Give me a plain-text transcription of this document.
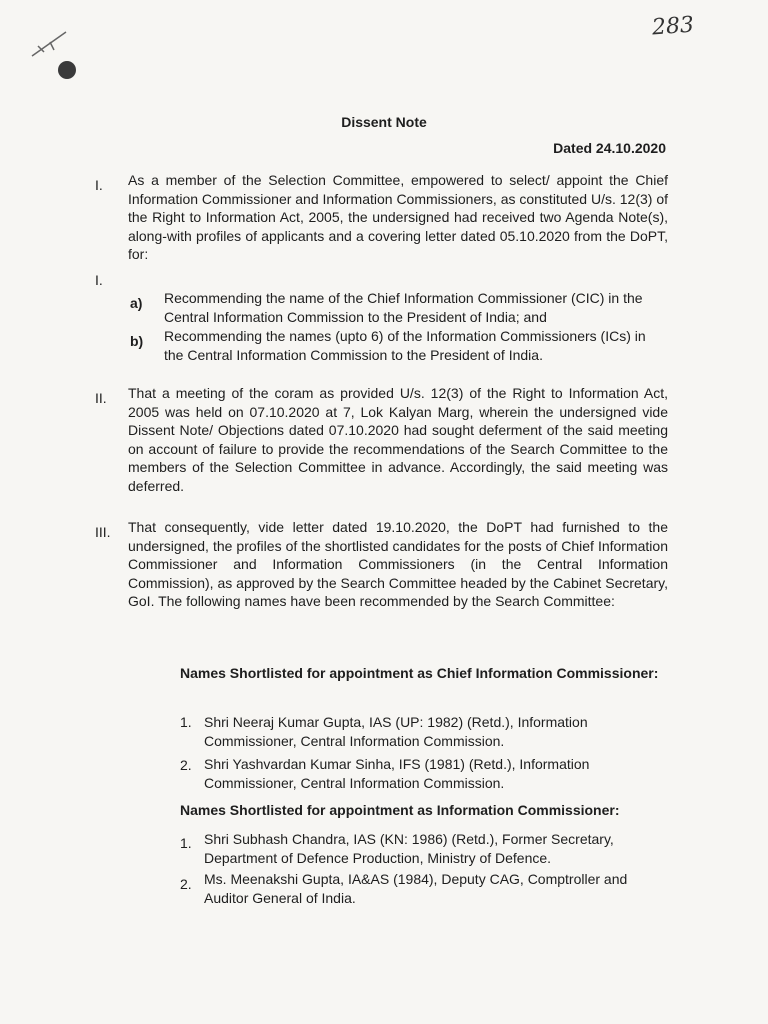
283
Dissent Note
Dated 24.10.2020
I. As a member of the Selection Committee, empowered to select/ appoint the Chief Information Commissioner and Information Commissioners, as constituted U/s. 12(3) of the Right to Information Act, 2005, the undersigned had received two Agenda Note(s), along-with profiles of applicants and a covering letter dated 05.10.2020 from the DoPT, for:
I.
a) Recommending the name of the Chief Information Commissioner (CIC) in the Central Information Commission to the President of India; and
b) Recommending the names (upto 6) of the Information Commissioners (ICs) in the Central Information Commission to the President of India.
II. That a meeting of the coram as provided U/s. 12(3) of the Right to Information Act, 2005 was held on 07.10.2020 at 7, Lok Kalyan Marg, wherein the undersigned vide Dissent Note/ Objections dated 07.10.2020 had sought deferment of the said meeting on account of failure to provide the recommendations of the Search Committee to the members of the Selection Committee in advance. Accordingly, the said meeting was deferred.
III. That consequently, vide letter dated 19.10.2020, the DoPT had furnished to the undersigned, the profiles of the shortlisted candidates for the posts of Chief Information Commissioner and Information Commissioners (in the Central Information Commission), as approved by the Search Committee headed by the Cabinet Secretary, GoI. The following names have been recommended by the Search Committee:
Names Shortlisted for appointment as Chief Information Commissioner:
1. Shri Neeraj Kumar Gupta, IAS (UP: 1982) (Retd.), Information Commissioner, Central Information Commission.
2. Shri Yashvardan Kumar Sinha, IFS (1981) (Retd.), Information Commissioner, Central Information Commission.
Names Shortlisted for appointment as Information Commissioner:
1. Shri Subhash Chandra, IAS (KN: 1986) (Retd.), Former Secretary, Department of Defence Production, Ministry of Defence.
2. Ms. Meenakshi Gupta, IA&AS (1984), Deputy CAG, Comptroller and Auditor General of India.
